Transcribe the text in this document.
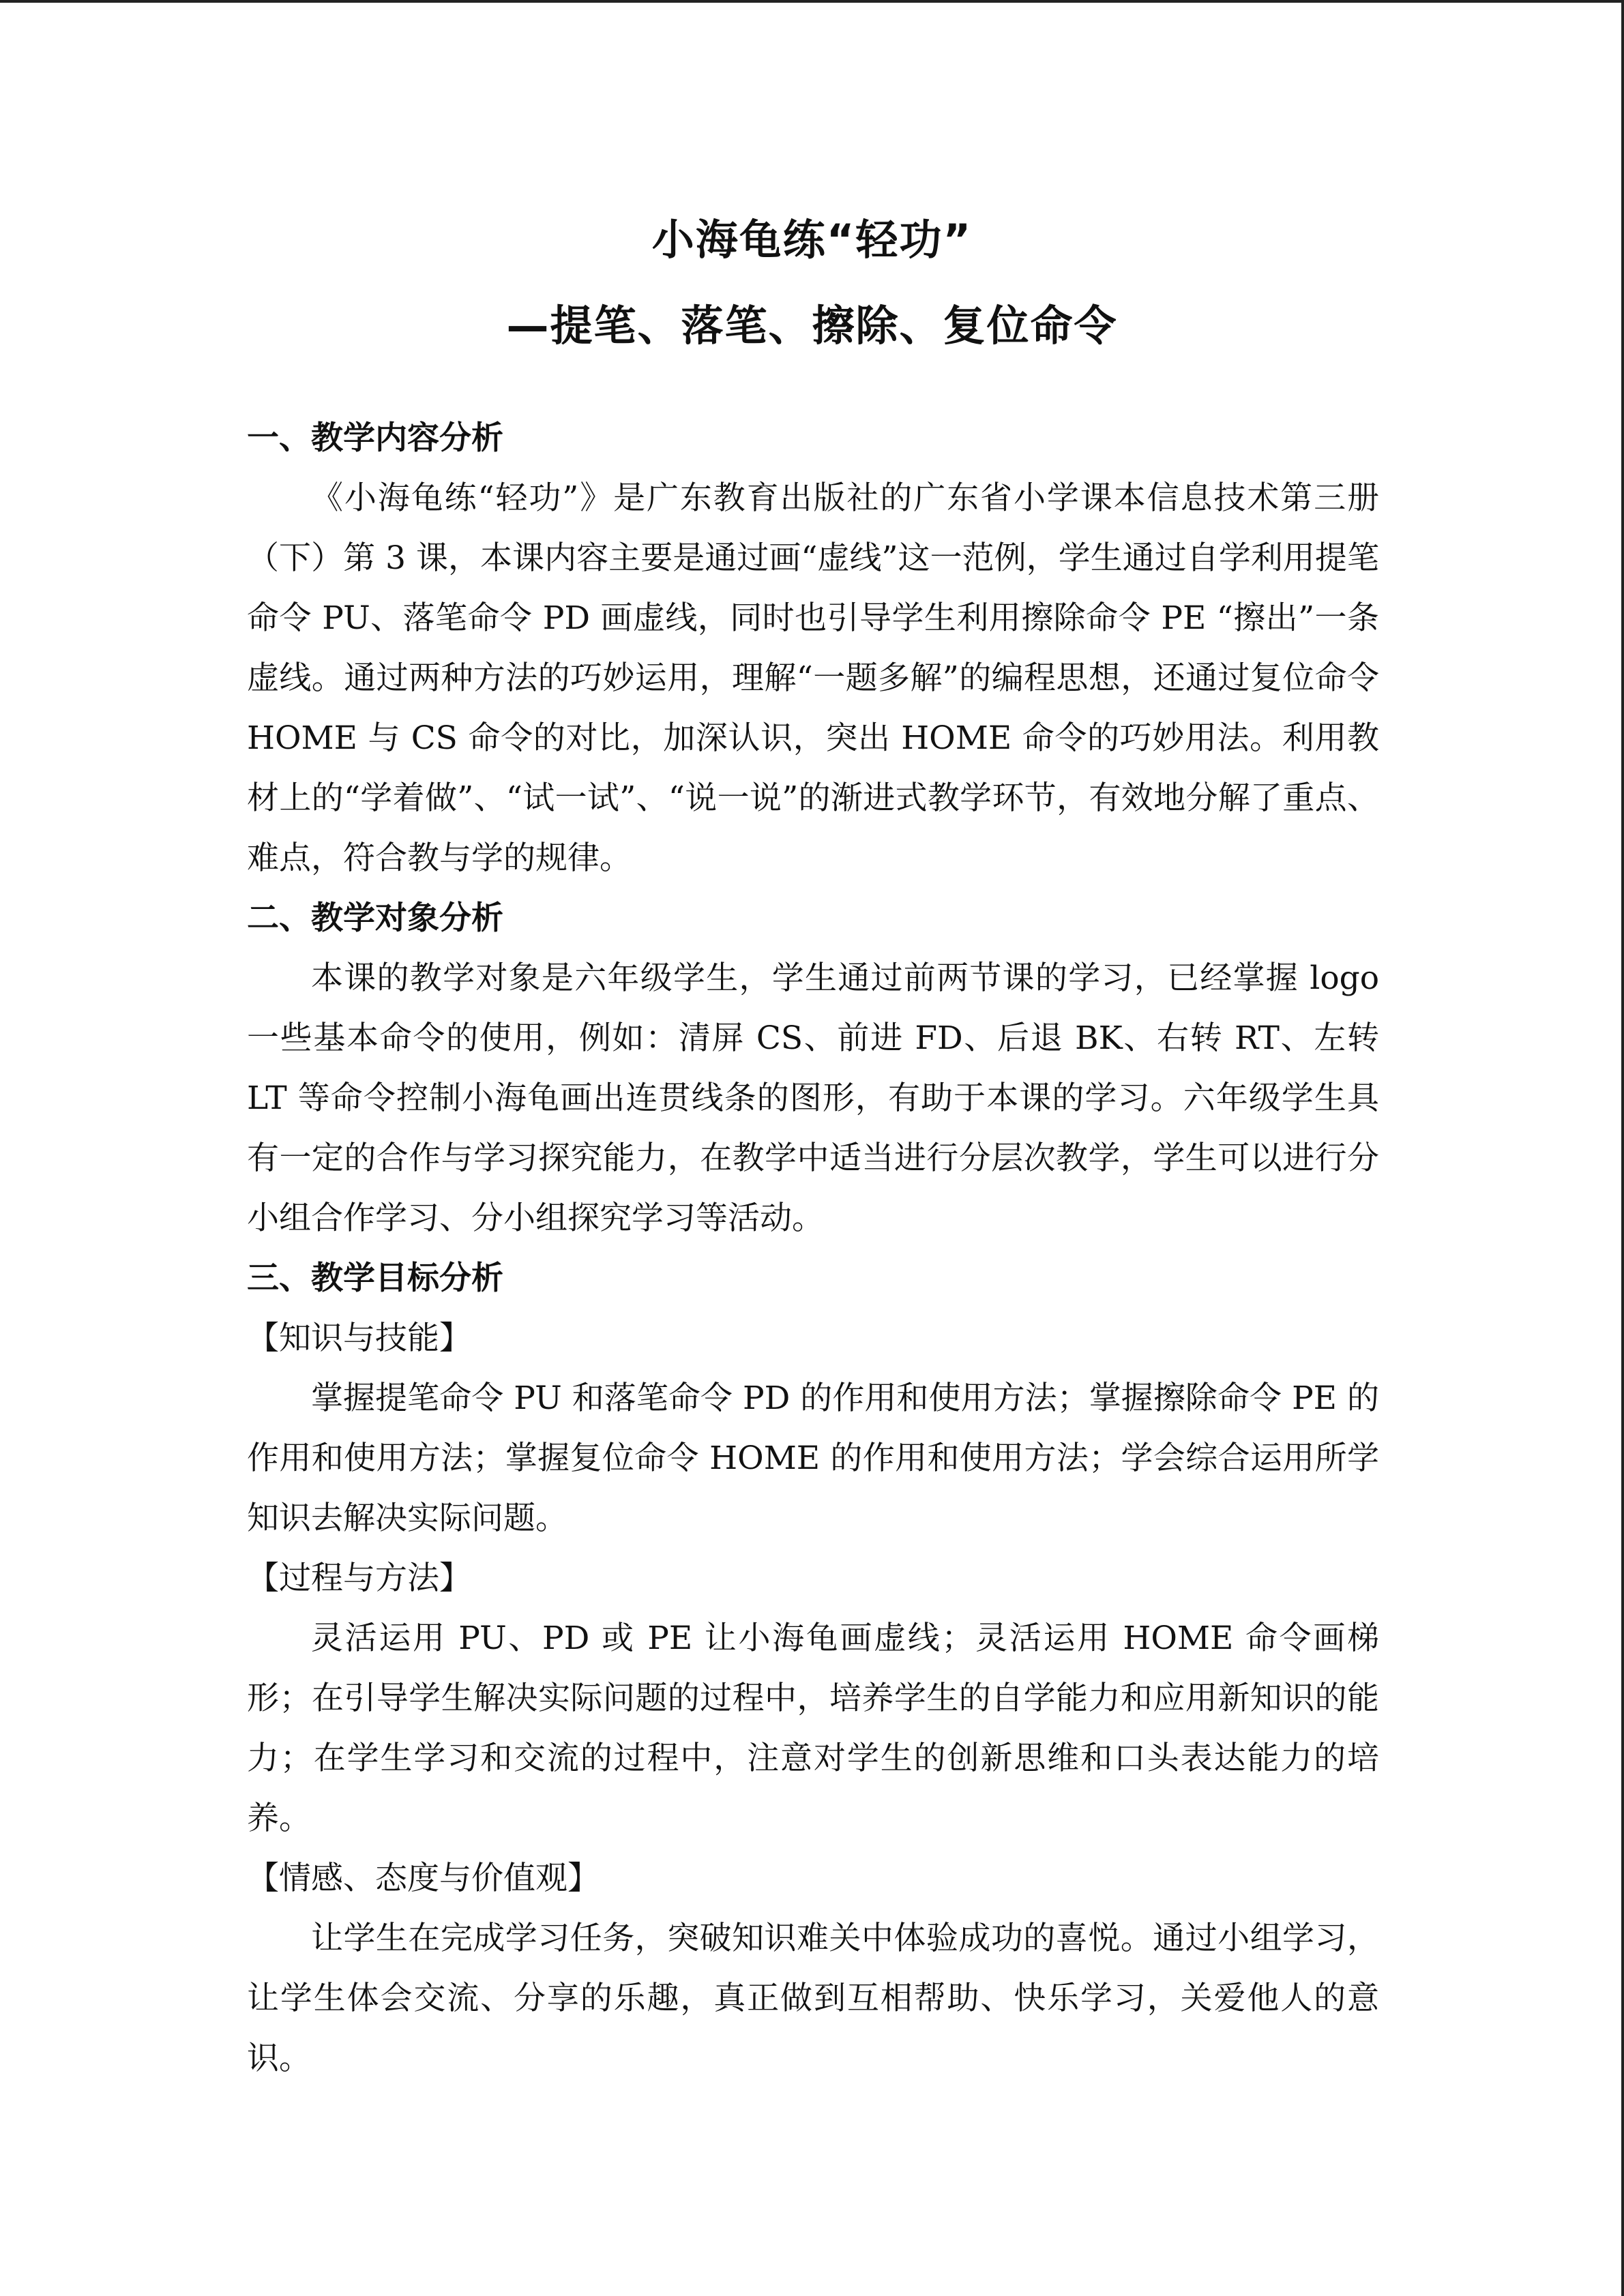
小海龟练“轻功”
—提笔、落笔、擦除、复位命令

一、教学内容分析

《小海龟练“轻功”》是广东教育出版社的广东省小学课本信息技术第三册（下）第 3 课，本课内容主要是通过画“虚线”这一范例，学生通过自学利用提笔命令 PU、落笔命令 PD 画虚线，同时也引导学生利用擦除命令 PE “擦出”一条虚线。通过两种方法的巧妙运用，理解“一题多解”的编程思想，还通过复位命令 HOME 与 CS 命令的对比，加深认识，突出 HOME 命令的巧妙用法。利用教材上的“学着做”、“试一试”、“说一说”的渐进式教学环节，有效地分解了重点、难点，符合教与学的规律。

二、教学对象分析

本课的教学对象是六年级学生，学生通过前两节课的学习，已经掌握 logo 一些基本命令的使用，例如：清屏 CS、前进 FD、后退 BK、右转 RT、左转 LT 等命令控制小海龟画出连贯线条的图形，有助于本课的学习。六年级学生具有一定的合作与学习探究能力，在教学中适当进行分层次教学，学生可以进行分小组合作学习、分小组探究学习等活动。

三、教学目标分析

【知识与技能】

掌握提笔命令 PU 和落笔命令 PD 的作用和使用方法；掌握擦除命令 PE 的作用和使用方法；掌握复位命令 HOME 的作用和使用方法；学会综合运用所学知识去解决实际问题。

【过程与方法】

灵活运用 PU、PD 或 PE 让小海龟画虚线；灵活运用 HOME 命令画梯形；在引导学生解决实际问题的过程中，培养学生的自学能力和应用新知识的能力；在学生学习和交流的过程中，注意对学生的创新思维和口头表达能力的培养。

【情感、态度与价值观】

让学生在完成学习任务，突破知识难关中体验成功的喜悦。通过小组学习，让学生体会交流、分享的乐趣，真正做到互相帮助、快乐学习，关爱他人的意识。
